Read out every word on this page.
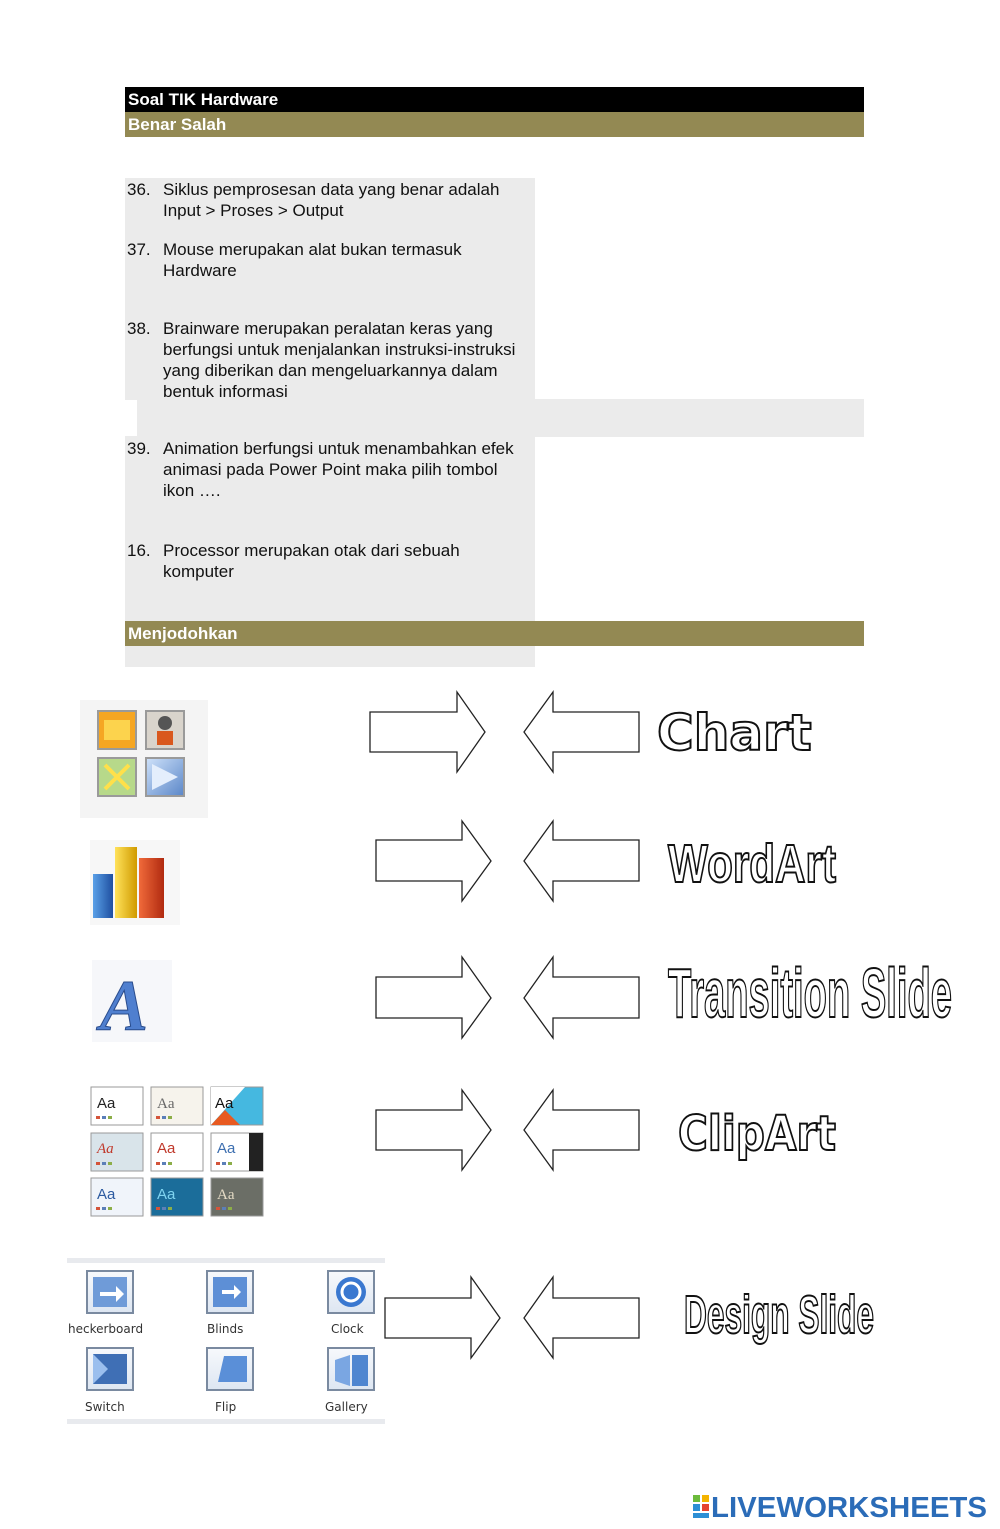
Soal TIK Hardware
Benar Salah
36. Siklus pemprosesan data yang benar adalah Input > Proses > Output
37. Mouse merupakan alat bukan termasuk Hardware
38. Brainware merupakan peralatan keras yang berfungsi untuk menjalankan instruksi-instruksi yang diberikan dan mengeluarkannya dalam bentuk informasi
39. Animation berfungsi untuk menambahkan efek animasi pada Power Point maka pilih tombol ikon ….
16. Processor merupakan otak dari sebuah komputer
Menjodohkan
A
Aa	Aa	Aa
Aa	Aa	Aa
Aa	Aa	Aa
heckerboard	Blinds	Clock
Switch	Flip	Gallery
Chart
WordArt
Transition Slide
ClipArt
Design Slide
LIVEWORKSHEETS
